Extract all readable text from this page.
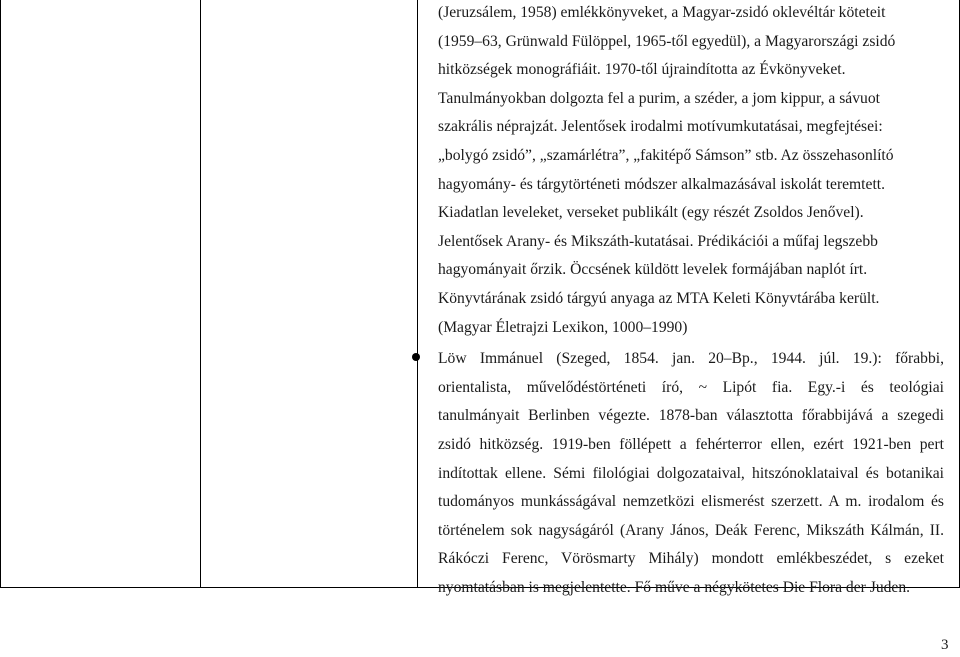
(Jeruzsálem, 1958) emlékkönyveket, a Magyar-zsidó oklevéltár köteteit
(1959–63, Grünwald Fülöppel, 1965-től egyedül), a Magyarországi zsidó
hitközségek monográfiáit. 1970-től újraindította az Évkönyveket.
Tanulmányokban dolgozta fel a purim, a széder, a jom kippur, a sávuot
szakrális néprajzát. Jelentősek irodalmi motívumkutatásai, megfejtései:
„bolygó zsidó”, „szamárlétra”, „fakitépő Sámson” stb. Az összehasonlító
hagyomány- és tárgytörténeti módszer alkalmazásával iskolát teremtett.
Kiadatlan leveleket, verseket publikált (egy részét Zsoldos Jenővel).
Jelentősek Arany- és Mikszáth-kutatásai. Prédikációi a műfaj legszebb
hagyományait őrzik. Öccsének küldött levelek formájában naplót írt.
Könyvtárának zsidó tárgyú anyaga az MTA Keleti Könyvtárába került.
(Magyar Életrajzi Lexikon, 1000–1990)
Löw Immánuel (Szeged, 1854. jan. 20–Bp., 1944. júl. 19.): főrabbi,
orientalista, művelődéstörténeti író, ~ Lipót fia. Egy.-i és teológiai
tanulmányait Berlinben végezte. 1878-ban választotta főrabbijává a szegedi
zsidó hitközség. 1919-ben föllépett a fehérterror ellen, ezért 1921-ben pert
indítottak ellene. Sémi filológiai dolgozataival, hitszónoklataival és botanikai
tudományos munkásságával nemzetközi elismerést szerzett. A m. irodalom és
történelem sok nagyságáról (Arany János, Deák Ferenc, Mikszáth Kálmán, II.
Rákóczi Ferenc, Vörösmarty Mihály) mondott emlékbeszédet, s ezeket
nyomtatásban is megjelentette. Fő műve a négykötetes Die Flora der Juden.
3
